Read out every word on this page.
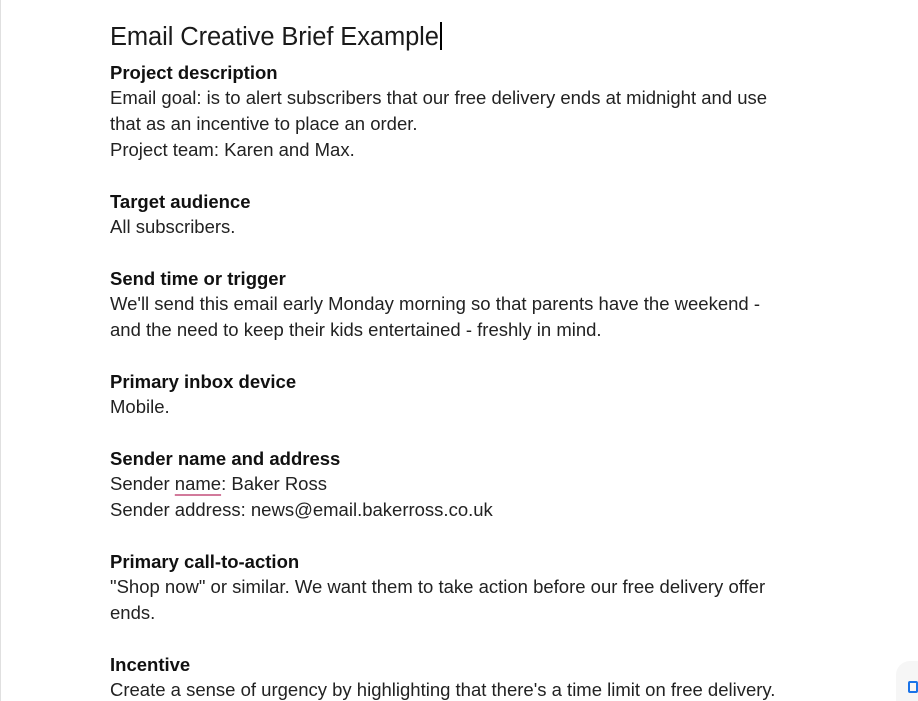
Email Creative Brief Example

Project description

Email goal: is to alert subscribers that our free delivery ends at midnight and use

that as an incentive to place an order.

Project team: Karen and Max.

Target audience

All subscribers.

Send time or trigger

We'll send this email early Monday morning so that parents have the weekend -

and the need to keep their kids entertained - freshly in mind.

Primary inbox device

Mobile.

Sender name and address

Sender name: Baker Ross

Sender address: news@email.bakerross.co.uk

Primary call-to-action

"Shop now" or similar. We want them to take action before our free delivery offer

ends.

Incentive

Create a sense of urgency by highlighting that there's a time limit on free delivery.
